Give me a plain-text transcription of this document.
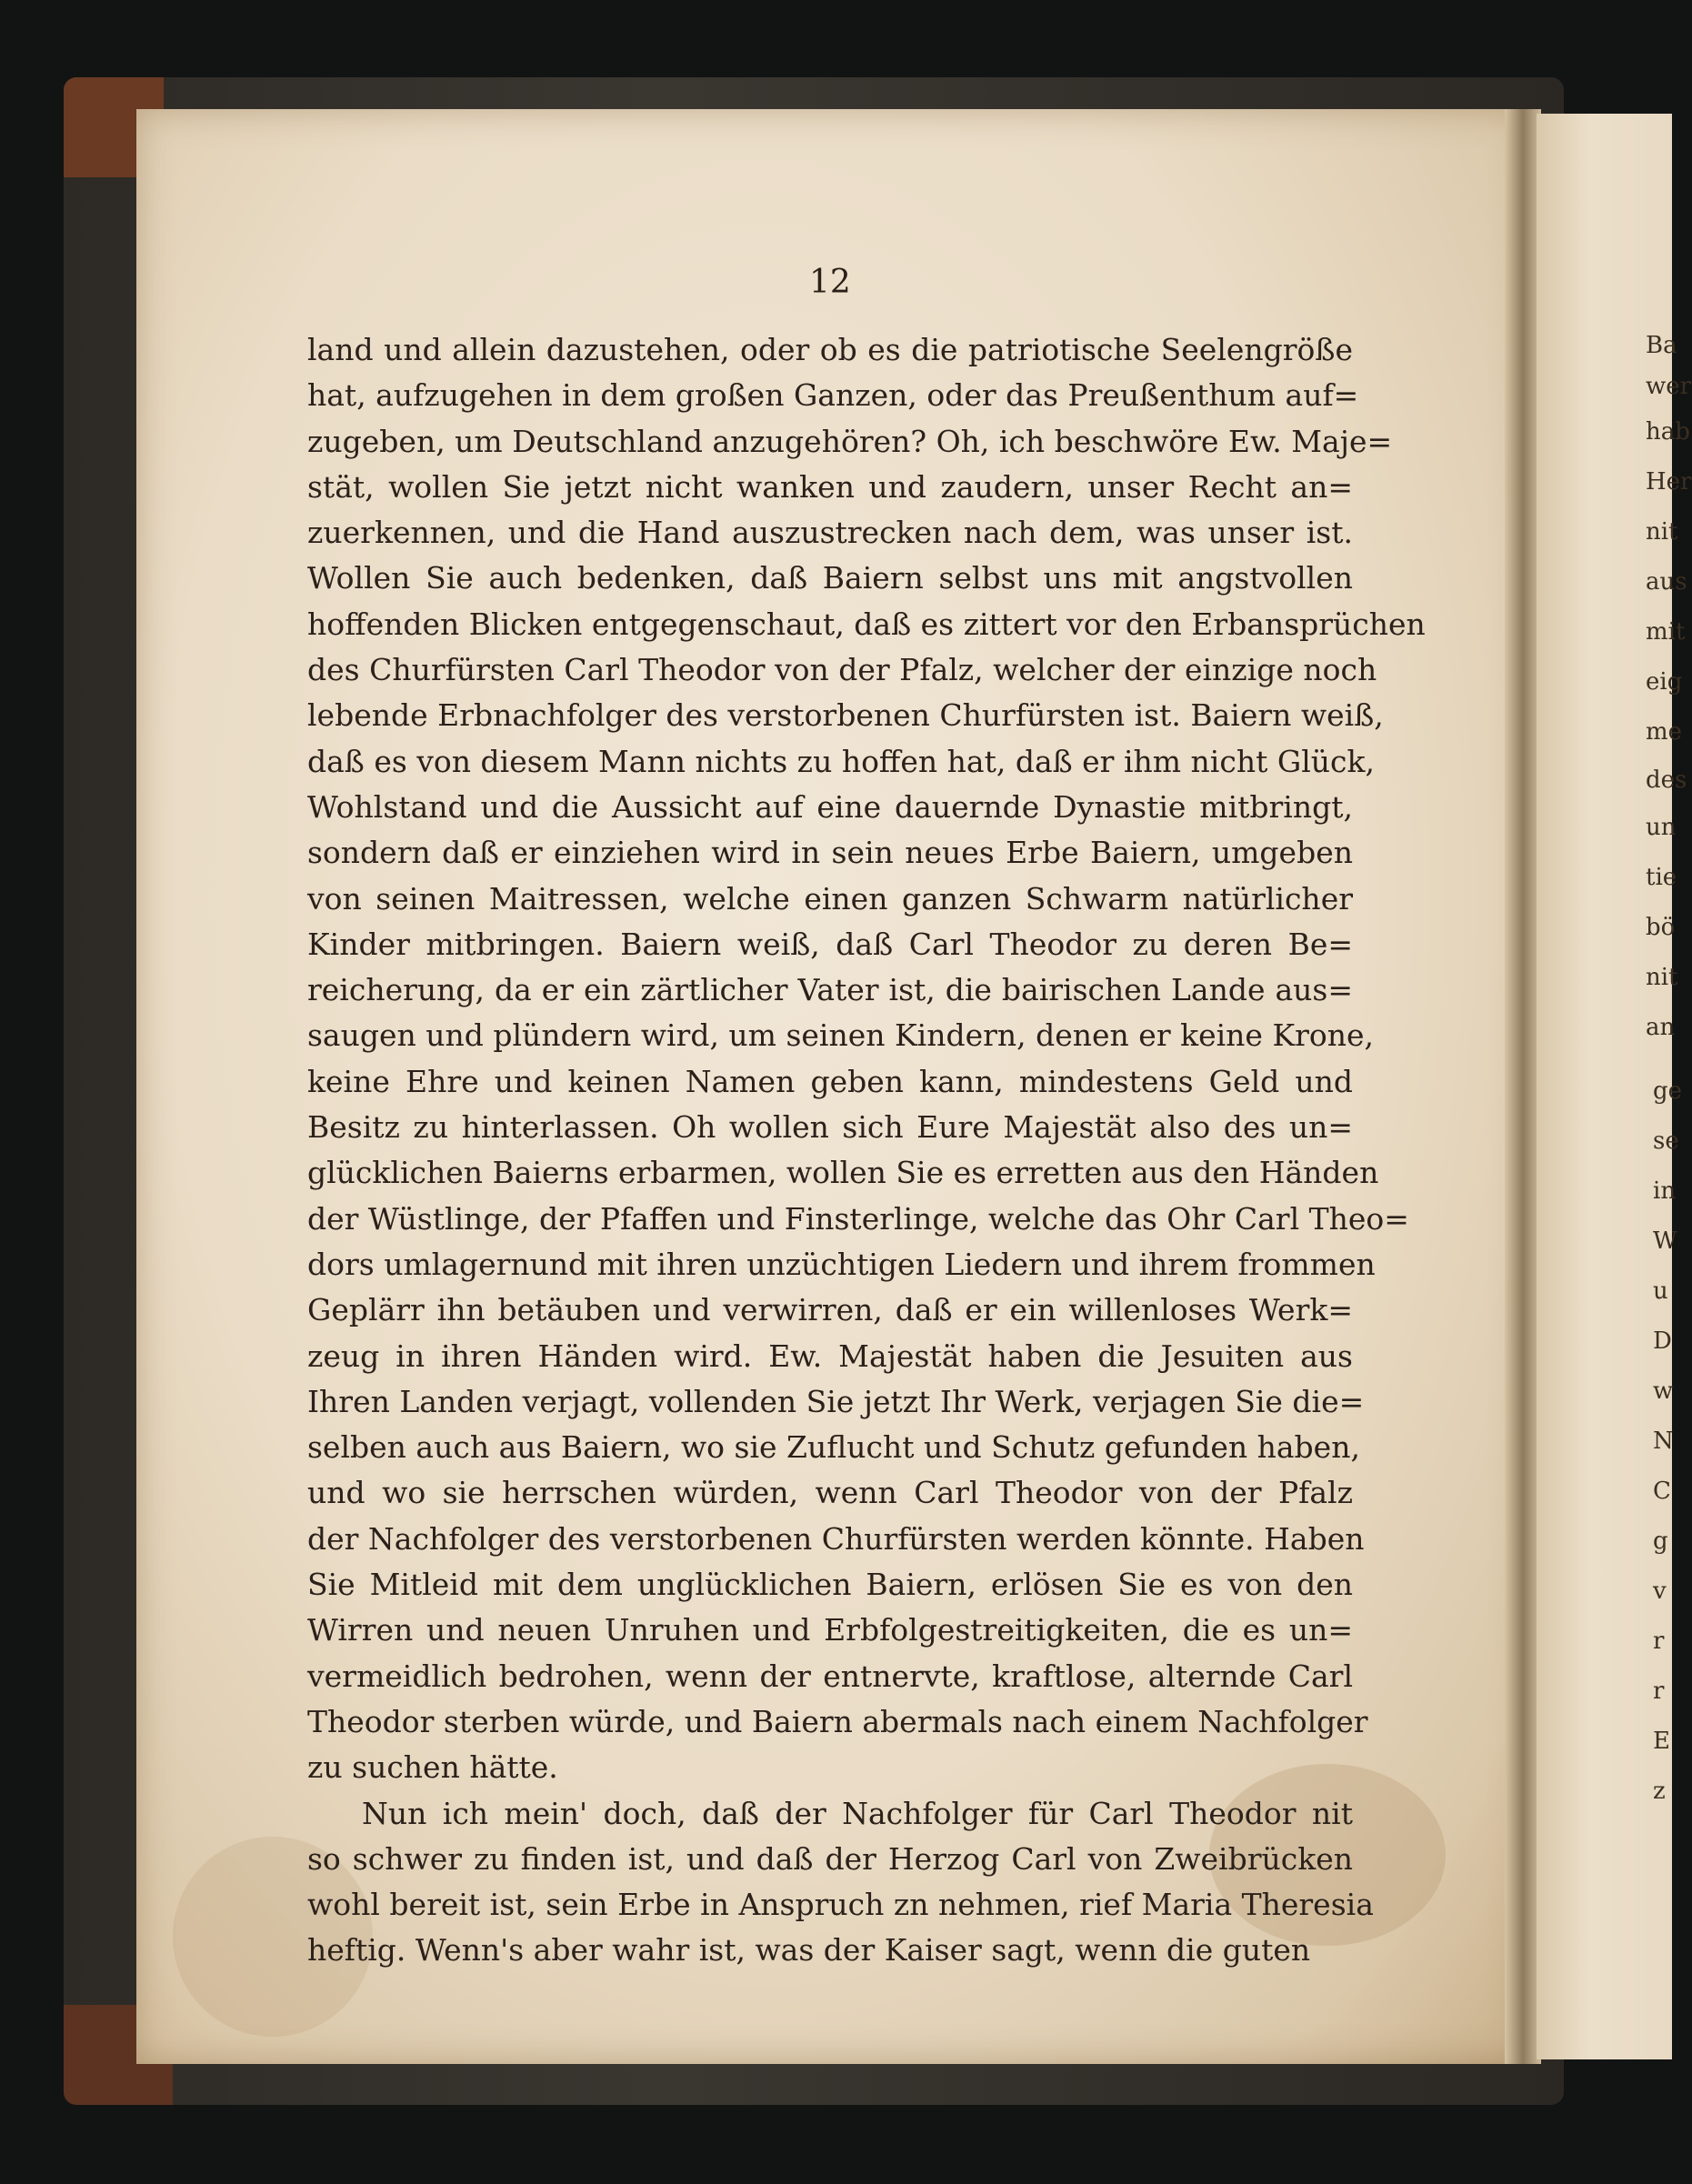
Ba
wer
hab
Her
nit
aus
mit
eig
me
des
un
tie
bö
nit
an
ge
se
in
W
u
D
w
N
C
g
v
r
r
E
z
12
land und allein dazustehen, oder ob es die patriotische Seelengröße
hat, aufzugehen in dem großen Ganzen, oder das Preußenthum auf=
zugeben, um Deutschland anzugehören? Oh, ich beschwöre Ew. Maje=
stät, wollen Sie jetzt nicht wanken und zaudern, unser Recht an=
zuerkennen, und die Hand auszustrecken nach dem, was unser ist.
Wollen Sie auch bedenken, daß Baiern selbst uns mit angstvollen
hoffenden Blicken entgegenschaut, daß es zittert vor den Erbansprüchen
des Churfürsten Carl Theodor von der Pfalz, welcher der einzige noch
lebende Erbnachfolger des verstorbenen Churfürsten ist. Baiern weiß,
daß es von diesem Mann nichts zu hoffen hat, daß er ihm nicht Glück,
Wohlstand und die Aussicht auf eine dauernde Dynastie mitbringt,
sondern daß er einziehen wird in sein neues Erbe Baiern, umgeben
von seinen Maitressen, welche einen ganzen Schwarm natürlicher
Kinder mitbringen. Baiern weiß, daß Carl Theodor zu deren Be=
reicherung, da er ein zärtlicher Vater ist, die bairischen Lande aus=
saugen und plündern wird, um seinen Kindern, denen er keine Krone,
keine Ehre und keinen Namen geben kann, mindestens Geld und
Besitz zu hinterlassen. Oh wollen sich Eure Majestät also des un=
glücklichen Baierns erbarmen, wollen Sie es erretten aus den Händen
der Wüstlinge, der Pfaffen und Finsterlinge, welche das Ohr Carl Theo=
dors umlagernund mit ihren unzüchtigen Liedern und ihrem frommen
Geplärr ihn betäuben und verwirren, daß er ein willenloses Werk=
zeug in ihren Händen wird. Ew. Majestät haben die Jesuiten aus
Ihren Landen verjagt, vollenden Sie jetzt Ihr Werk, verjagen Sie die=
selben auch aus Baiern, wo sie Zuflucht und Schutz gefunden haben,
und wo sie herrschen würden, wenn Carl Theodor von der Pfalz
der Nachfolger des verstorbenen Churfürsten werden könnte. Haben
Sie Mitleid mit dem unglücklichen Baiern, erlösen Sie es von den
Wirren und neuen Unruhen und Erbfolgestreitigkeiten, die es un=
vermeidlich bedrohen, wenn der entnervte, kraftlose, alternde Carl
Theodor sterben würde, und Baiern abermals nach einem Nachfolger
zu suchen hätte.
Nun ich mein' doch, daß der Nachfolger für Carl Theodor nit
so schwer zu finden ist, und daß der Herzog Carl von Zweibrücken
wohl bereit ist, sein Erbe in Anspruch zn nehmen, rief Maria Theresia
heftig. Wenn's aber wahr ist, was der Kaiser sagt, wenn die guten
